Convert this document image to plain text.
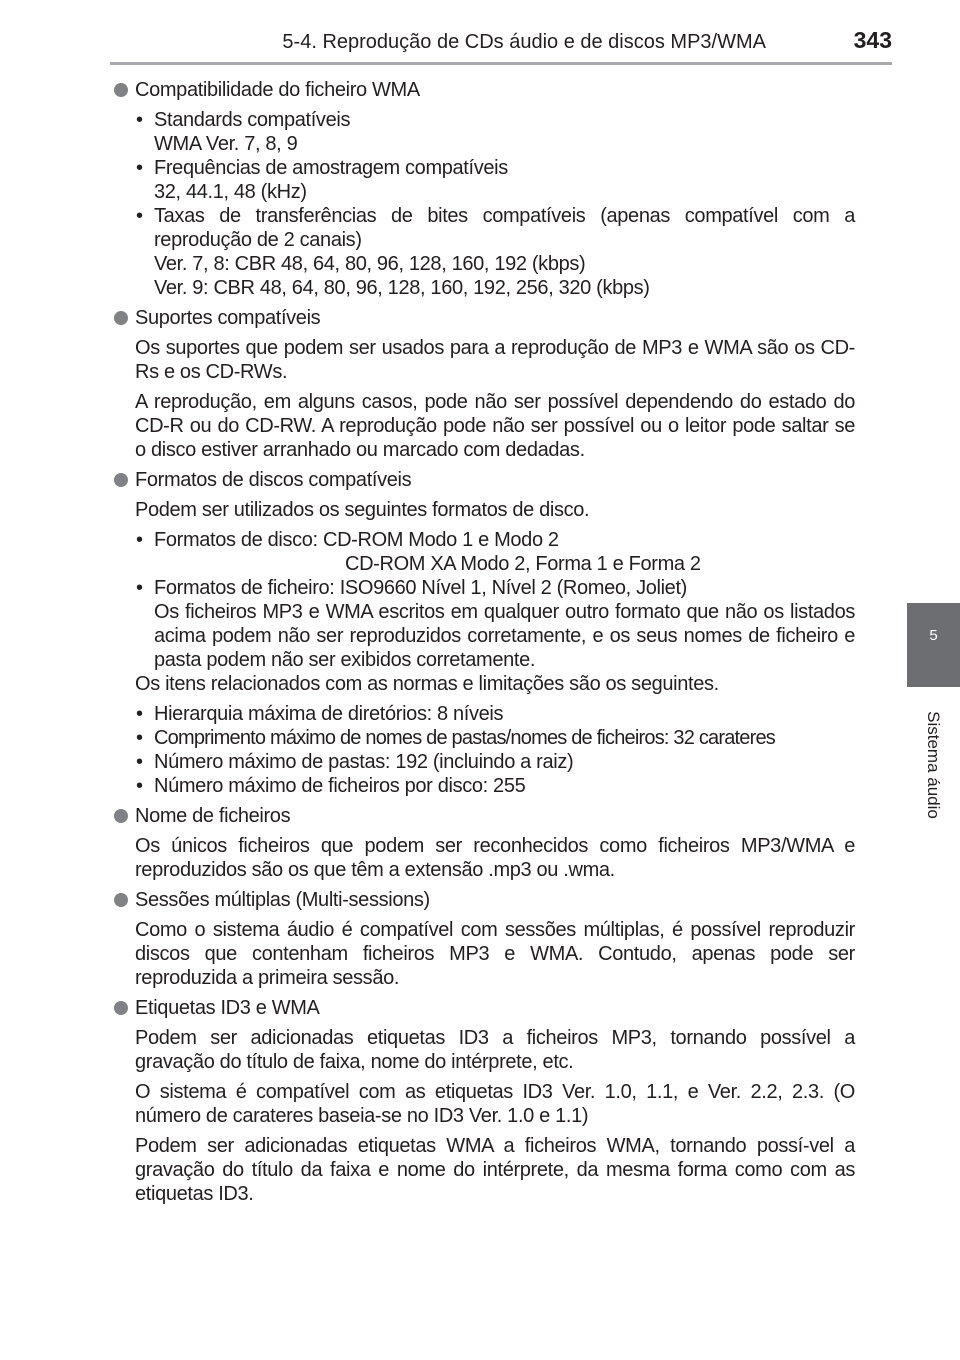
5-4. Reprodução de CDs áudio e de discos MP3/WMA	343
5
Sistema áudio
Compatibilidade do ficheiro WMA
• Standards compatíveis
WMA Ver. 7, 8, 9
• Frequências de amostragem compatíveis
32, 44.1, 48 (kHz)
• Taxas de transferências de bites compatíveis (apenas compatível com a reprodução de 2 canais)
Ver. 7, 8: CBR 48, 64, 80, 96, 128, 160, 192 (kbps)
Ver. 9: CBR 48, 64, 80, 96, 128, 160, 192, 256, 320 (kbps)
Suportes compatíveis
Os suportes que podem ser usados para a reprodução de MP3 e WMA são os CD-Rs e os CD-RWs.
A reprodução, em alguns casos, pode não ser possível dependendo do estado do CD-R ou do CD-RW. A reprodução pode não ser possível ou o leitor pode saltar se o disco estiver arranhado ou marcado com dedadas.
Formatos de discos compatíveis
Podem ser utilizados os seguintes formatos de disco.
• Formatos de disco: CD-ROM Modo 1 e Modo 2
CD-ROM XA Modo 2, Forma 1 e Forma 2
• Formatos de ficheiro: ISO9660 Nível 1, Nível 2 (Romeo, Joliet)
Os ficheiros MP3 e WMA escritos em qualquer outro formato que não os listados acima podem não ser reproduzidos corretamente, e os seus nomes de ficheiro e pasta podem não ser exibidos corretamente.
Os itens relacionados com as normas e limitações são os seguintes.
• Hierarquia máxima de diretórios: 8 níveis
• Comprimento máximo de nomes de pastas/nomes de ficheiros: 32 carateres
• Número máximo de pastas: 192 (incluindo a raiz)
• Número máximo de ficheiros por disco: 255
Nome de ficheiros
Os únicos ficheiros que podem ser reconhecidos como ficheiros MP3/WMA e reproduzidos são os que têm a extensão .mp3 ou .wma.
Sessões múltiplas (Multi-sessions)
Como o sistema áudio é compatível com sessões múltiplas, é possível reproduzir discos que contenham ficheiros MP3 e WMA. Contudo, apenas pode ser reproduzida a primeira sessão.
Etiquetas ID3 e WMA
Podem ser adicionadas etiquetas ID3 a ficheiros MP3, tornando possível a gravação do título de faixa, nome do intérprete, etc.
O sistema é compatível com as etiquetas ID3 Ver. 1.0, 1.1, e Ver. 2.2, 2.3. (O número de carateres baseia-se no ID3 Ver. 1.0 e 1.1)
Podem ser adicionadas etiquetas WMA a ficheiros WMA, tornando possí-vel a gravação do título da faixa e nome do intérprete, da mesma forma como com as etiquetas ID3.
